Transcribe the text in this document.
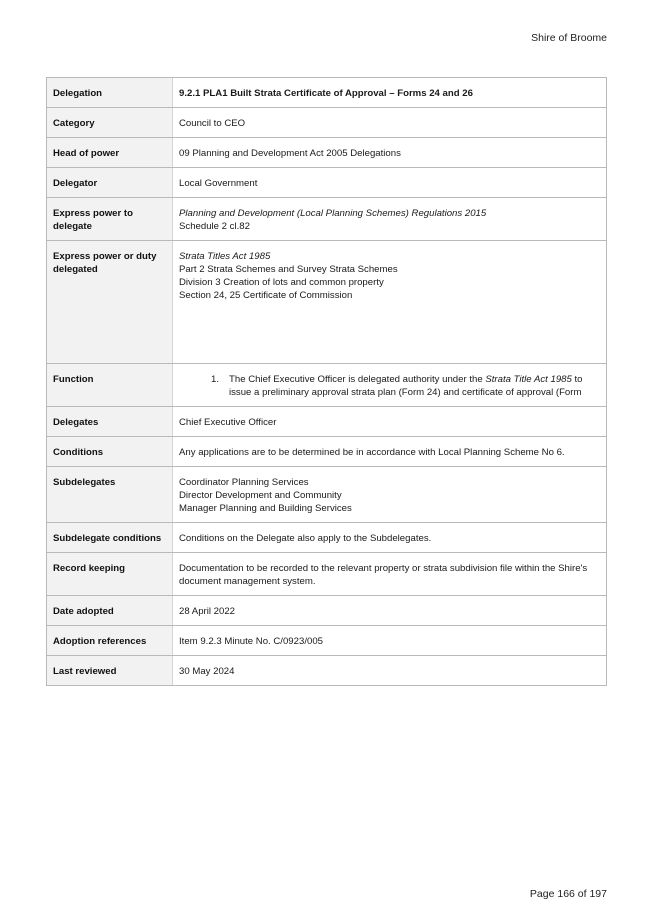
Shire of Broome
Delegation	9.2.1 PLA1 Built Strata Certificate of Approval – Forms 24 and 26
Category	Council to CEO
Head of power	09 Planning and Development Act 2005 Delegations
Delegator	Local Government
Express power to delegate	Planning and Development (Local Planning Schemes) Regulations 2015
Schedule 2 cl.82

Express power or duty delegated	Strata Titles Act 1985
Part 2 Strata Schemes and Survey Strata Schemes
Division 3 Creation of lots and common property
Section 24, 25 Certificate of Commission

Function	1. The Chief Executive Officer is delegated authority under the Strata Title Act 1985 to issue a preliminary approval strata plan (Form 24) and certificate of approval (Form

Delegates	Chief Executive Officer
Conditions	Any applications are to be determined be in accordance with Local Planning Scheme No 6.
Subdelegates	Coordinator Planning Services
Director Development and Community
Manager Planning and Building Services

Subdelegate conditions	Conditions on the Delegate also apply to the Subdelegates.
Record keeping	Documentation to be recorded to the relevant property or strata subdivision file within the Shire's document management system.
Date adopted	28 April 2022
Adoption references	Item 9.2.3 Minute No. C/0923/005
Last reviewed	30 May 2024
Page 166 of 197
